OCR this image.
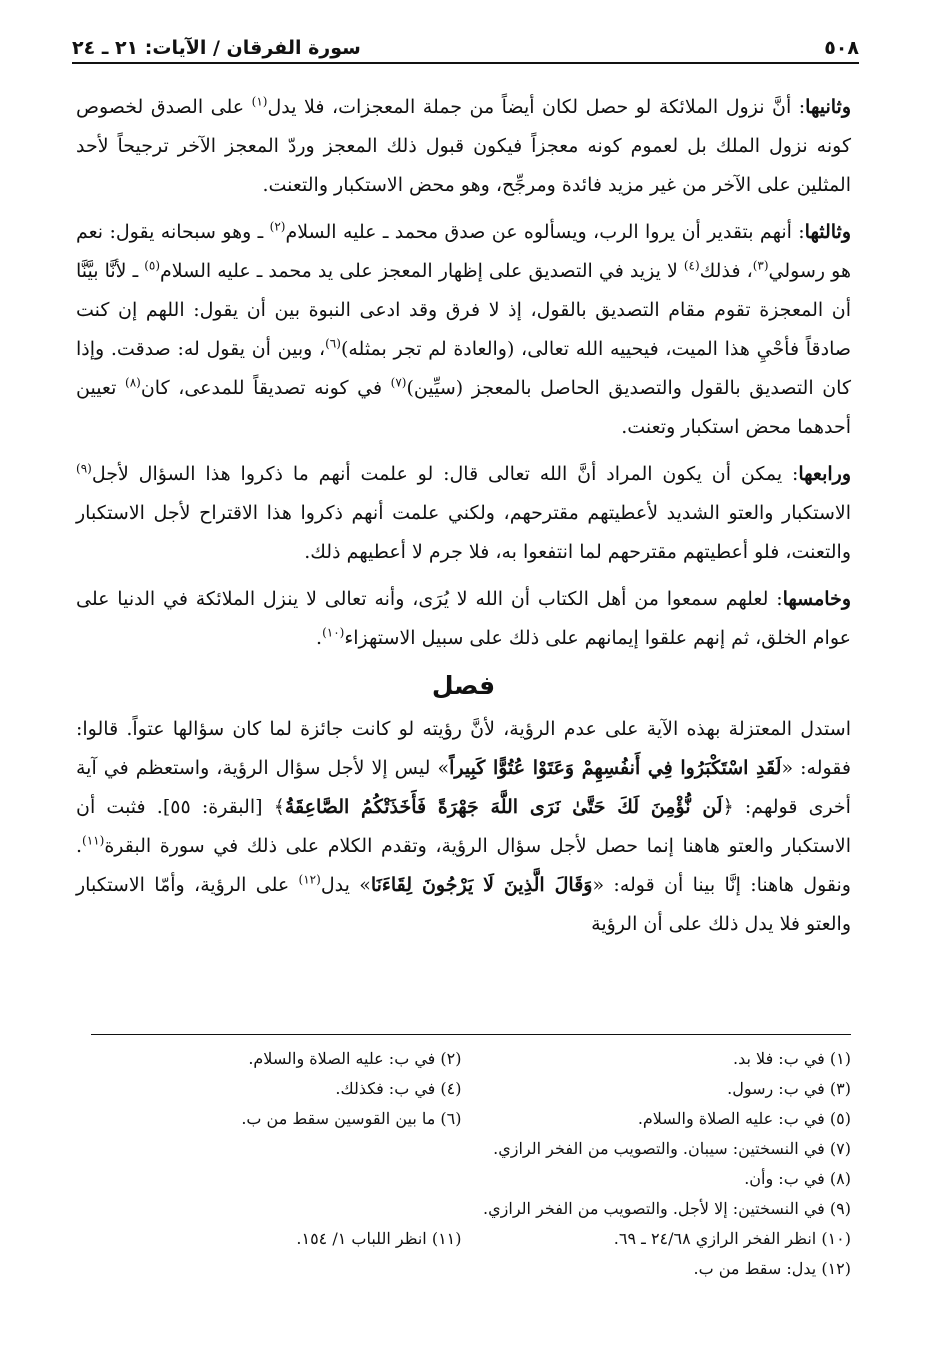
٥٠٨
سورة الفرقان / الآيات: ٢١ ـ ٢٤

وثانيها: أنَّ نزول الملائكة لو حصل لكان أيضاً من جملة المعجزات، فلا يدل$^{(١)}$ على الصدق لخصوص كونه نزول الملك بل لعموم كونه معجزاً فيكون قبول ذلك المعجز وردّ المعجز الآخر ترجيحاً لأحد المثلين على الآخر من غير مزيد فائدة ومرجِّح، وهو محض الاستكبار والتعنت.

وثالثها: أنهم بتقدير أن يروا الرب، ويسألوه عن صدق محمد ـ عليه السلام$^{(٢)}$ ـ وهو سبحانه يقول: نعم هو رسولي$^{(٣)}$، فذلك$^{(٤)}$ لا يزيد في التصديق على إظهار المعجز على يد محمد ـ عليه السلام$^{(٥)}$ ـ لأنَّا بيَّنَّا أن المعجزة تقوم مقام التصديق بالقول، إذ لا فرق وقد ادعى النبوة بين أن يقول: اللهم إن كنت صادقاً فأحْيِ هذا الميت، فيحييه الله تعالى، (والعادة لم تجر بمثله)$^{(٦)}$، وبين أن يقول له: صدقت. وإذا كان التصديق بالقول والتصديق الحاصل بالمعجز (سيِّين)$^{(٧)}$ في كونه تصديقاً للمدعى، كان$^{(٨)}$ تعيين أحدهما محض استكبار وتعنت.

ورابعها: يمكن أن يكون المراد أنَّ الله تعالى قال: لو علمت أنهم ما ذكروا هذا السؤال لأجل$^{(٩)}$ الاستكبار والعتو الشديد لأعطيتهم مقترحهم، ولكني علمت أنهم ذكروا هذا الاقتراح لأجل الاستكبار والتعنت، فلو أعطيتهم مقترحهم لما انتفعوا به، فلا جرم لا أعطيهم ذلك.

وخامسها: لعلهم سمعوا من أهل الكتاب أن الله لا يُرَى، وأنه تعالى لا ينزل الملائكة في الدنيا على عوام الخلق، ثم إنهم علقوا إيمانهم على ذلك على سبيل الاستهزاء$^{(١٠)}$.

فصل

استدل المعتزلة بهذه الآية على عدم الرؤية، لأنَّ رؤيته لو كانت جائزة لما كان سؤالها عتواً. قالوا: فقوله: «لَقَدِ اسْتَكْبَرُوا فِي أَنفُسِهِمْ وَعَتَوْا عُتُوًّا كَبِيراً» ليس إلا لأجل سؤال الرؤية، واستعظم في آية أخرى قولهم: ﴿لَن نُّؤْمِنَ لَكَ حَتَّىٰ نَرَى اللَّهَ جَهْرَةً فَأَخَذَتْكُمُ الصَّاعِقَةُ﴾ [البقرة: ٥٥]. فثبت أن الاستكبار والعتو هاهنا إنما حصل لأجل سؤال الرؤية، وتقدم الكلام على ذلك في سورة البقرة$^{(١١)}$. ونقول هاهنا: إنَّا بينا أن قوله: «وَقَالَ الَّذِينَ لَا يَرْجُونَ لِقَاءَنَا» يدل$^{(١٢)}$ على الرؤية، وأمّا الاستكبار والعتو فلا يدل ذلك على أن الرؤية

(١) في ب: فلا بد.
(٢) في ب: عليه الصلاة والسلام.
(٣) في ب: رسول.
(٤) في ب: فكذلك.
(٥) في ب: عليه الصلاة والسلام.
(٦) ما بين القوسين سقط من ب.
(٧) في النسختين: سيبان. والتصويب من الفخر الرازي.
(٨) في ب: وأن.
(٩) في النسختين: إلا لأجل. والتصويب من الفخر الرازي.
(١٠) انظر الفخر الرازي ٢٤/٦٨ ـ ٦٩.
(١١) انظر اللباب ١/ ١٥٤.
(١٢) يدل: سقط من ب.
